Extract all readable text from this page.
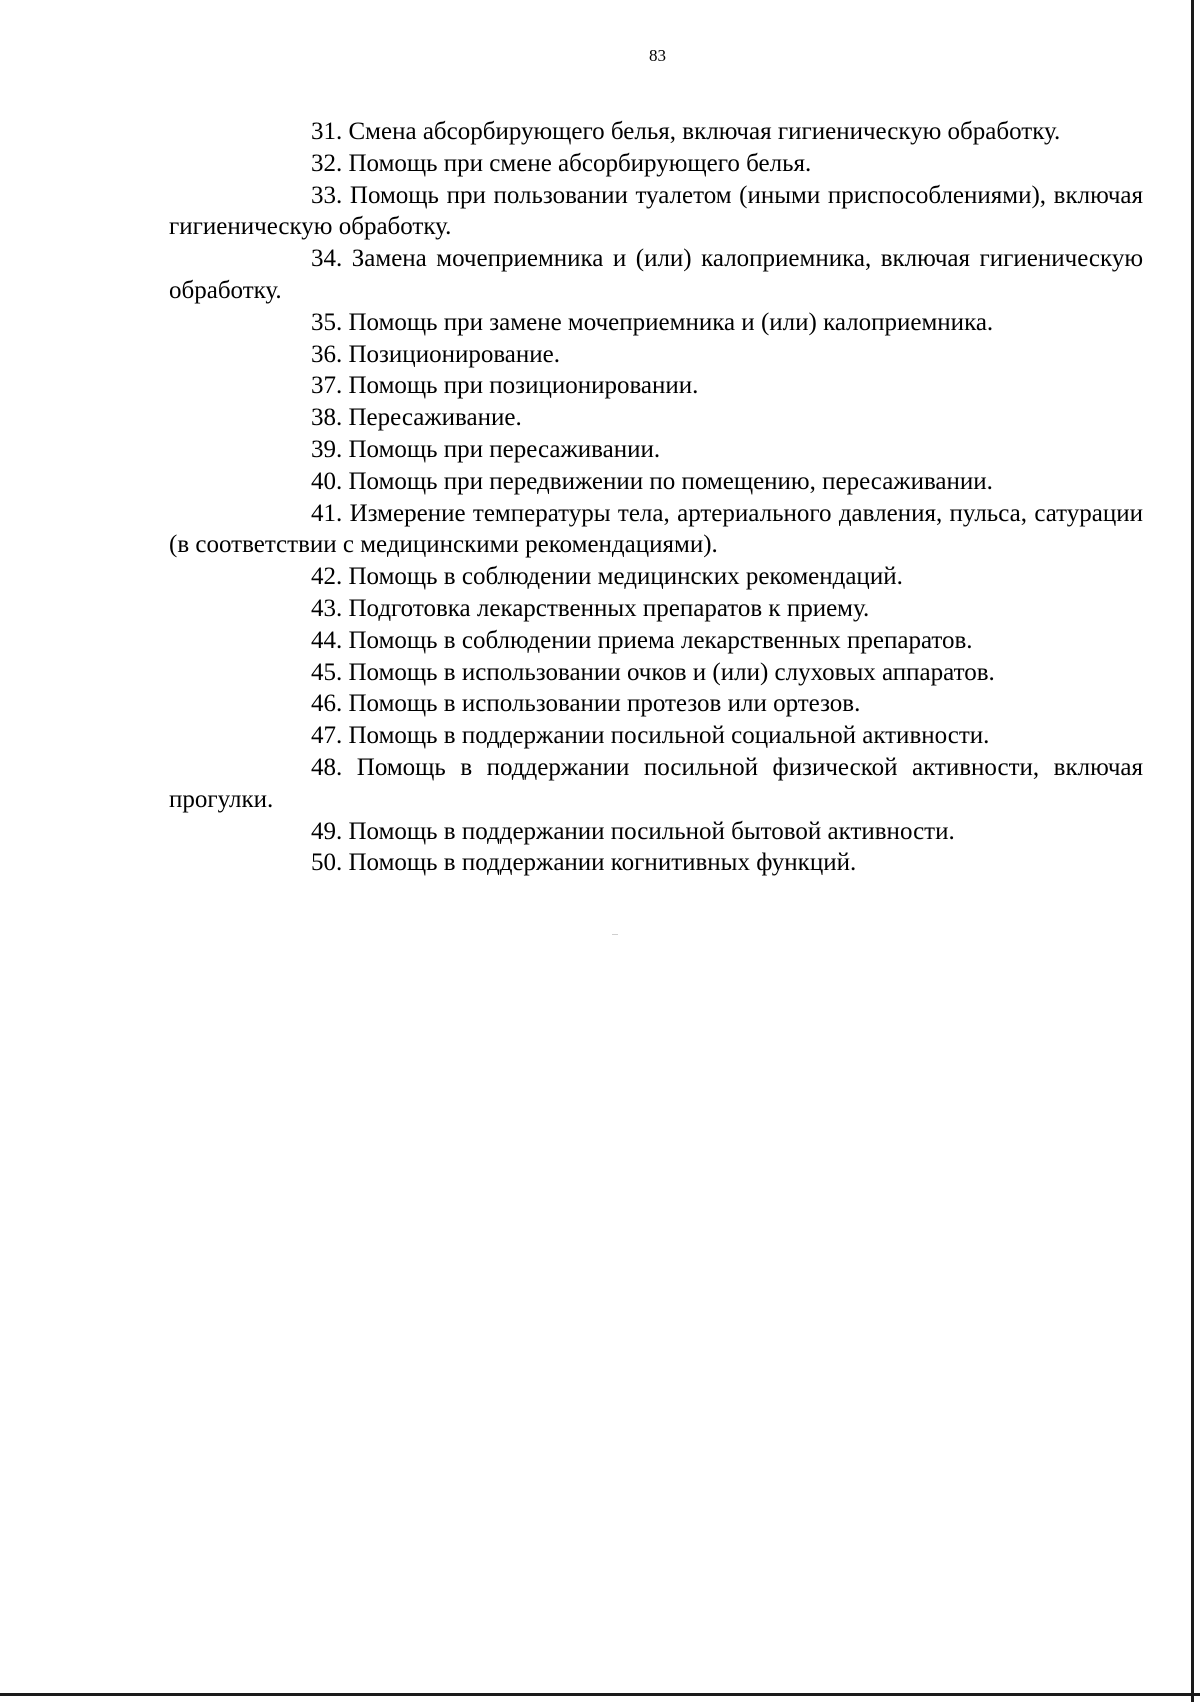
83

31. Смена абсорбирующего белья, включая гигиеническую обработку.

32. Помощь при смене абсорбирующего белья.

33. Помощь при пользовании туалетом (иными приспособлениями), включая гигиеническую обработку.

34. Замена мочеприемника и (или) калоприемника, включая гигиеническую обработку.

35. Помощь при замене мочеприемника и (или) калоприемника.

36. Позиционирование.

37. Помощь при позиционировании.

38. Пересаживание.

39. Помощь при пересаживании.

40. Помощь при передвижении по помещению, пересаживании.

41. Измерение температуры тела, артериального давления, пульса, сатурации (в соответствии с медицинскими рекомендациями).

42. Помощь в соблюдении медицинских рекомендаций.

43. Подготовка лекарственных препаратов к приему.

44. Помощь в соблюдении приема лекарственных препаратов.

45. Помощь в использовании очков и (или) слуховых аппаратов.

46. Помощь в использовании протезов или ортезов.

47. Помощь в поддержании посильной социальной активности.

48. Помощь в поддержании посильной физической активности, включая прогулки.

49. Помощь в поддержании посильной бытовой активности.

50. Помощь в поддержании когнитивных функций.
